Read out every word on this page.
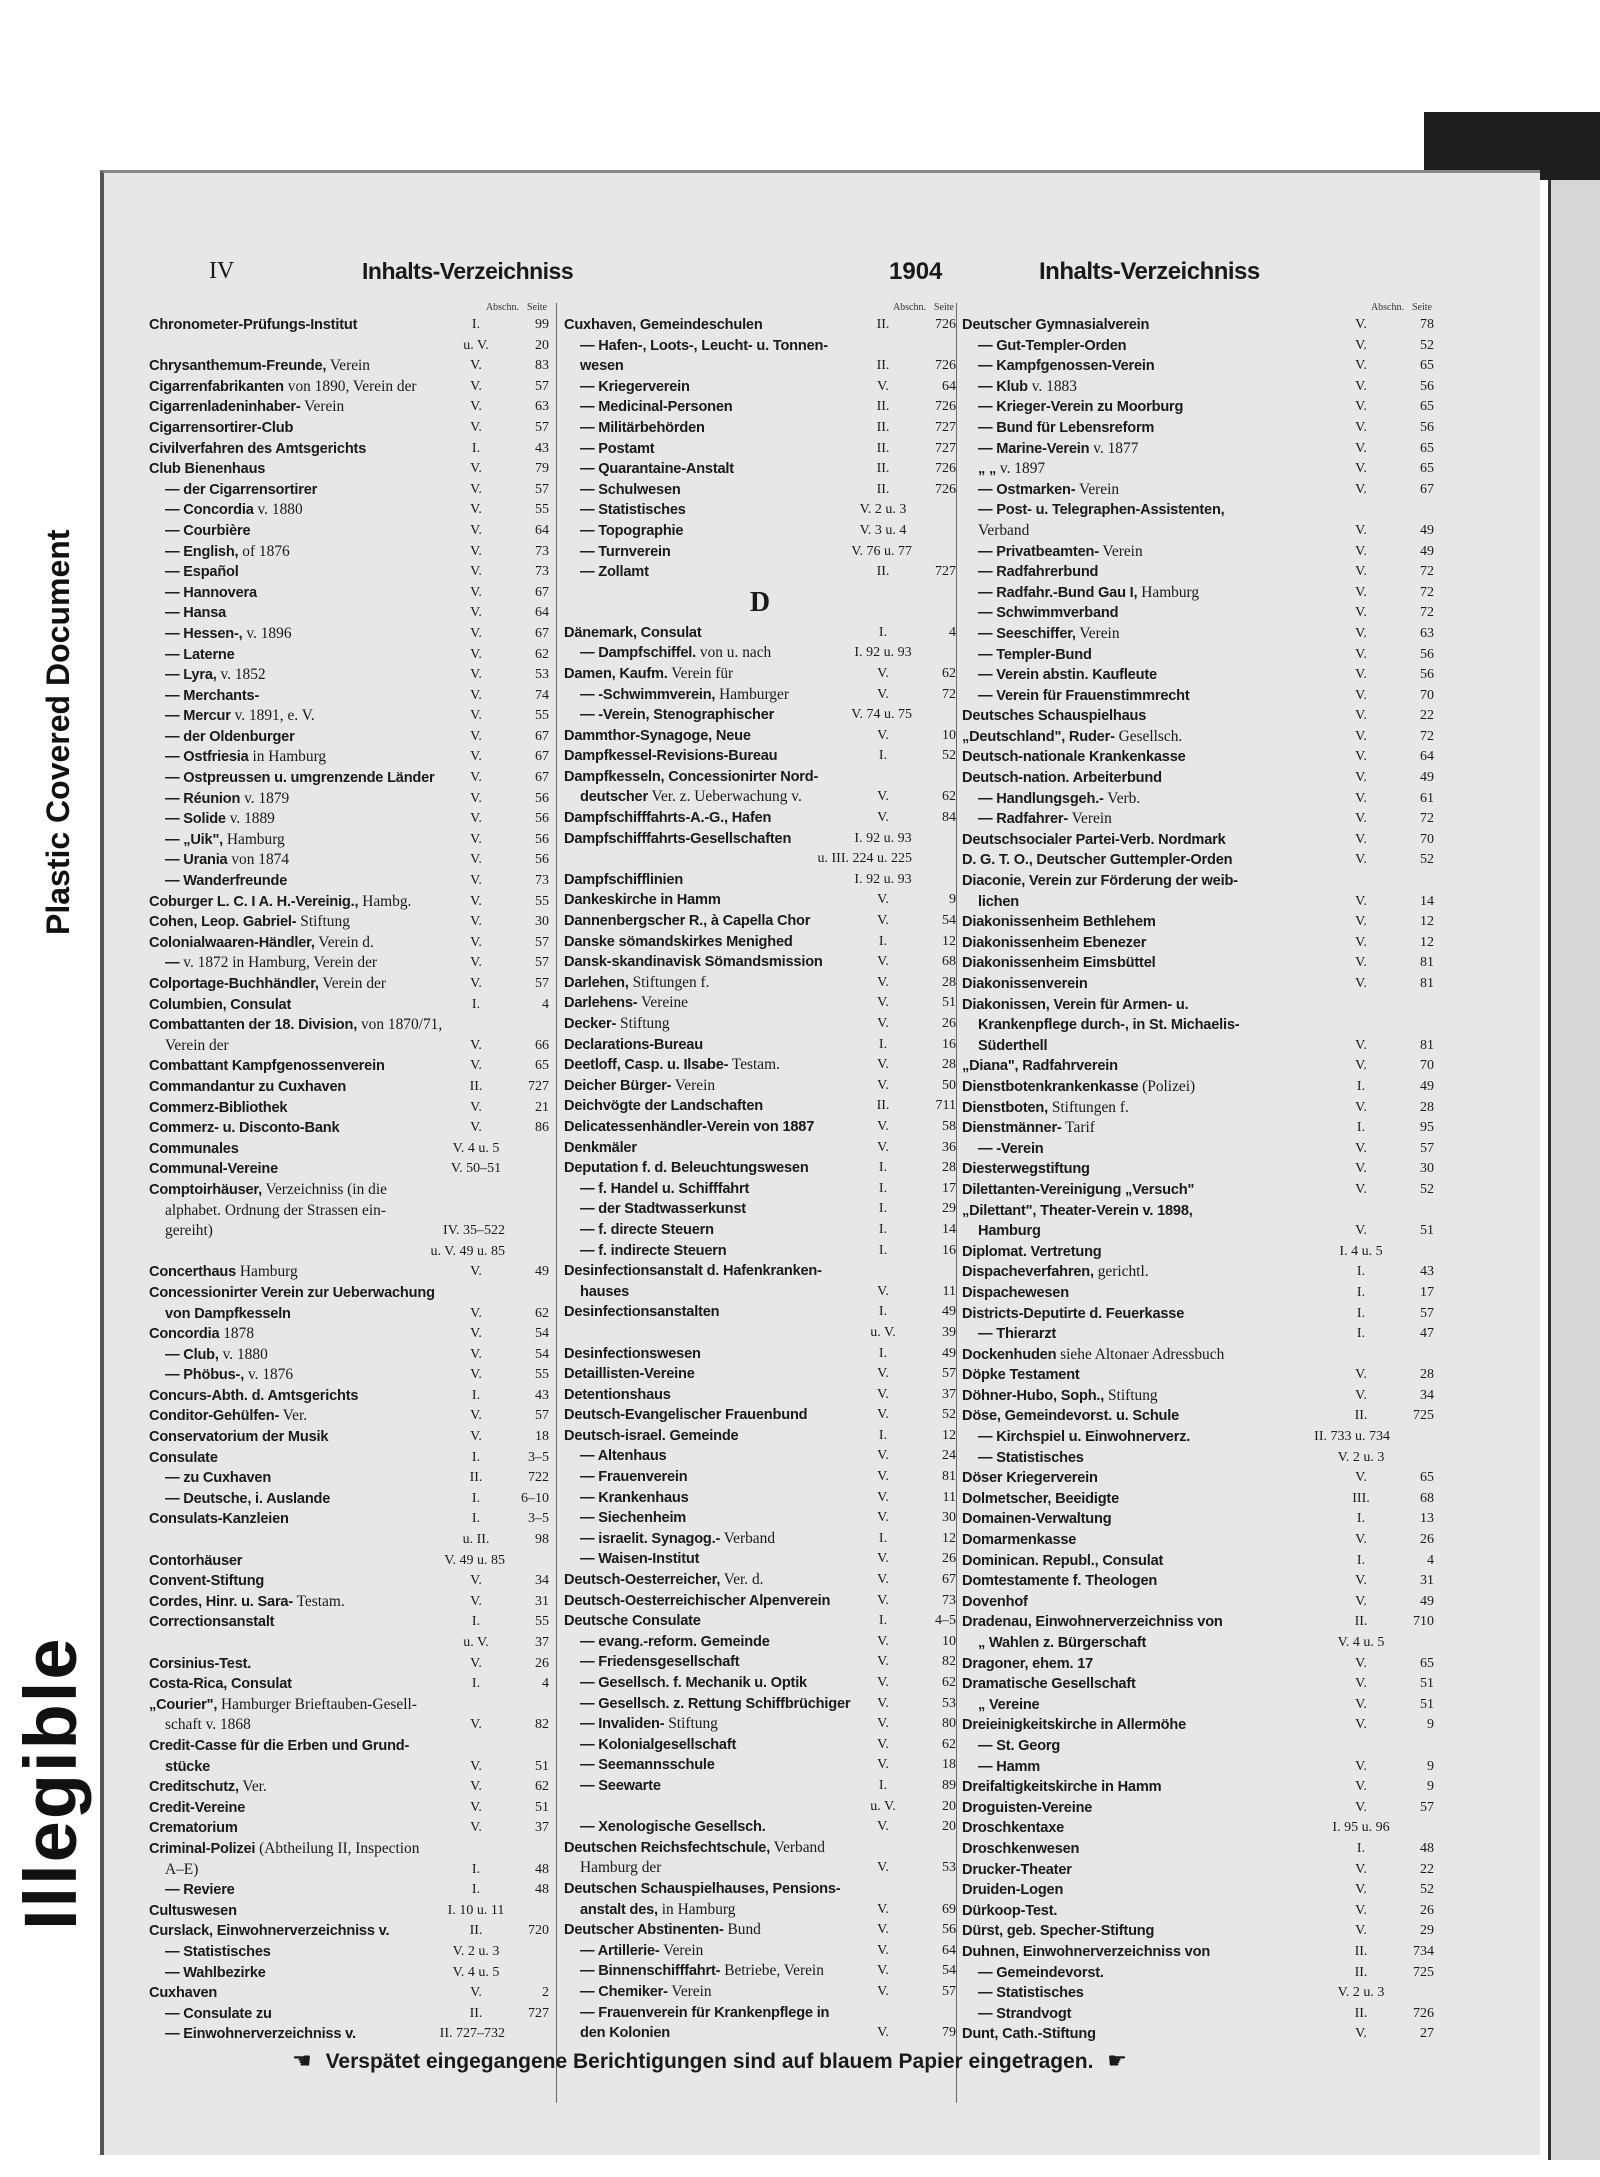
Plastic Covered Document
Illegible
IV	Inhalts-Verzeichniss	1904	Inhalts-Verzeichniss
Abschn. Seite
Chronometer-Prüfungs-Institut	I.	99
u. V.	20
Chrysanthemum-Freunde, Verein	V.	83
Cigarrenfabrikanten von 1890, Verein der	V.	57
Cigarrenladeninhaber- Verein	V.	63
Cigarrensortirer-Club	V.	57
Civilverfahren des Amtsgerichts	I.	43
Club Bienenhaus	V.	79
— der Cigarrensortirer	V.	57
— Concordia v. 1880	V.	55
— Courbière	V.	64
— English, of 1876	V.	73
— Español	V.	73
— Hannovera	V.	67
— Hansa	V.	64
— Hessen-, v. 1896	V.	67
— Laterne	V.	62
— Lyra, v. 1852	V.	53
— Merchants-	V.	74
— Mercur v. 1891, e. V.	V.	55
— der Oldenburger	V.	67
— Ostfriesia in Hamburg	V.	67
— Ostpreussen u. umgrenzende Länder	V.	67
— Réunion v. 1879	V.	56
— Solide v. 1889	V.	56
— „Uik", Hamburg	V.	56
— Urania von 1874	V.	56
— Wanderfreunde	V.	73
Coburger L. C. I A. H.-Vereinig., Hambg.	V.	55
Cohen, Leop. Gabriel- Stiftung	V.	30
Colonialwaaren-Händler, Verein d.	V.	57
— v. 1872 in Hamburg, Verein der	V.	57
Colportage-Buchhändler, Verein der	V.	57
Columbien, Consulat	I.	4
Combattanten der 18. Division, von 1870/71,
Verein der	V.	66
Combattant Kampfgenossenverein	V.	65
Commandantur zu Cuxhaven	II.	727
Commerz-Bibliothek	V.	21
Commerz- u. Disconto-Bank	V.	86
Communales	V. 4 u. 5
Communal-Vereine	V. 50–51
Comptoirhäuser, Verzeichniss (in die
alphabet. Ordnung der Strassen ein-
gereiht)	IV. 35–522
u. V. 49 u. 85
Concerthaus Hamburg	V.	49
Concessionirter Verein zur Ueberwachung
von Dampfkesseln	V.	62
Concordia 1878	V.	54
— Club, v. 1880	V.	54
— Phöbus-, v. 1876	V.	55
Concurs-Abth. d. Amtsgerichts	I.	43
Conditor-Gehülfen- Ver.	V.	57
Conservatorium der Musik	V.	18
Consulate	I.	3–5
— zu Cuxhaven	II.	722
— Deutsche, i. Auslande	I.	6–10
Consulats-Kanzleien	I.	3–5
u. II.	98
Contorhäuser	V. 49 u. 85
Convent-Stiftung	V.	34
Cordes, Hinr. u. Sara- Testam.	V.	31
Correctionsanstalt	I.	55
u. V.	37
Corsinius-Test.	V.	26
Costa-Rica, Consulat	I.	4
„Courier", Hamburger Brieftauben-Gesell-
schaft v. 1868	V.	82
Credit-Casse für die Erben und Grund-
stücke	V.	51
Creditschutz, Ver.	V.	62
Credit-Vereine	V.	51
Crematorium	V.	37
Criminal-Polizei (Abtheilung II, Inspection
A–E)	I.	48
— Reviere	I.	48
Cultuswesen	I. 10 u. 11
Curslack, Einwohnerverzeichniss v.	II.	720
— Statistisches	V. 2 u. 3
— Wahlbezirke	V. 4 u. 5
Cuxhaven	V.	2
— Consulate zu	II.	727
— Einwohnerverzeichniss v.	II. 727–732
Abschn. Seite
Cuxhaven, Gemeindeschulen	II.	726
— Hafen-, Loots-, Leucht- u. Tonnen-
wesen	II.	726
— Kriegerverein	V.	64
— Medicinal-Personen	II.	726
— Militärbehörden	II.	727
— Postamt	II.	727
— Quarantaine-Anstalt	II.	726
— Schulwesen	II.	726
— Statistisches	V. 2 u. 3
— Topographie	V. 3 u. 4
— Turnverein	V. 76 u. 77
— Zollamt	II.	727
D
Dänemark, Consulat	I.	4
— Dampfschiffel. von u. nach	I. 92 u. 93
Damen, Kaufm. Verein für	V.	62
— -Schwimmverein, Hamburger	V.	72
— -Verein, Stenographischer	V. 74 u. 75
Dammthor-Synagoge, Neue	V.	10
Dampfkessel-Revisions-Bureau	I.	52
Dampfkesseln, Concessionirter Nord-
deutscher Ver. z. Ueberwachung v.	V.	62
Dampfschifffahrts-A.-G., Hafen	V.	84
Dampfschifffahrts-Gesellschaften	I. 92 u. 93
u. III. 224 u. 225
Dampfschifflinien	I. 92 u. 93
Dankeskirche in Hamm	V.	9
Dannenbergscher R., à Capella Chor	V.	54
Danske sömandskirkes Menighed	I.	12
Dansk-skandinavisk Sömandsmission	V.	68
Darlehen, Stiftungen f.	V.	28
Darlehens- Vereine	V.	51
Decker- Stiftung	V.	26
Declarations-Bureau	I.	16
Deetloff, Casp. u. Ilsabe- Testam.	V.	28
Deicher Bürger- Verein	V.	50
Deichvögte der Landschaften	II.	711
Delicatessenhändler-Verein von 1887	V.	58
Denkmäler	V.	36
Deputation f. d. Beleuchtungswesen	I.	28
— f. Handel u. Schifffahrt	I.	17
— der Stadtwasserkunst	I.	29
— f. directe Steuern	I.	14
— f. indirecte Steuern	I.	16
Desinfectionsanstalt d. Hafenkranken-
hauses	V.	11
Desinfectionsanstalten	I.	49
u. V.	39
Desinfectionswesen	I.	49
Detaillisten-Vereine	V.	57
Detentionshaus	V.	37
Deutsch-Evangelischer Frauenbund	V.	52
Deutsch-israel. Gemeinde	I.	12
— Altenhaus	V.	24
— Frauenverein	V.	81
— Krankenhaus	V.	11
— Siechenheim	V.	30
— israelit. Synagog.- Verband	I.	12
— Waisen-Institut	V.	26
Deutsch-Oesterreicher, Ver. d.	V.	67
Deutsch-Oesterreichischer Alpenverein	V.	73
Deutsche Consulate	I.	4–5
— evang.-reform. Gemeinde	V.	10
— Friedensgesellschaft	V.	82
— Gesellsch. f. Mechanik u. Optik	V.	62
— Gesellsch. z. Rettung Schiffbrüchiger	V.	53
— Invaliden- Stiftung	V.	80
— Kolonialgesellschaft	V.	62
— Seemannsschule	V.	18
— Seewarte	I.	89
u. V.	20
— Xenologische Gesellsch.	V.	20
Deutschen Reichsfechtschule, Verband
Hamburg der	V.	53
Deutschen Schauspielhauses, Pensions-
anstalt des, in Hamburg	V.	69
Deutscher Abstinenten- Bund	V.	56
— Artillerie- Verein	V.	64
— Binnenschifffahrt- Betriebe, Verein	V.	54
— Chemiker- Verein	V.	57
— Frauenverein für Krankenpflege in
den Kolonien	V.	79
Abschn. Seite
Deutscher Gymnasialverein	V.	78
— Gut-Templer-Orden	V.	52
— Kampfgenossen-Verein	V.	65
— Klub v. 1883	V.	56
— Krieger-Verein zu Moorburg	V.	65
— Bund für Lebensreform	V.	56
— Marine-Verein v. 1877	V.	65
„ „ v. 1897	V.	65
— Ostmarken- Verein	V.	67
— Post- u. Telegraphen-Assistenten,
Verband	V.	49
— Privatbeamten- Verein	V.	49
— Radfahrerbund	V.	72
— Radfahr.-Bund Gau I, Hamburg	V.	72
— Schwimmverband	V.	72
— Seeschiffer, Verein	V.	63
— Templer-Bund	V.	56
— Verein abstin. Kaufleute	V.	56
— Verein für Frauenstimmrecht	V.	70
Deutsches Schauspielhaus	V.	22
„Deutschland", Ruder- Gesellsch.	V.	72
Deutsch-nationale Krankenkasse	V.	64
Deutsch-nation. Arbeiterbund	V.	49
— Handlungsgeh.- Verb.	V.	61
— Radfahrer- Verein	V.	72
Deutschsocialer Partei-Verb. Nordmark	V.	70
D. G. T. O., Deutscher Guttempler-Orden	V.	52
Diaconie, Verein zur Förderung der weib-
lichen	V.	14
Diakonissenheim Bethlehem	V.	12
Diakonissenheim Ebenezer	V.	12
Diakonissenheim Eimsbüttel	V.	81
Diakonissenverein	V.	81
Diakonissen, Verein für Armen- u.
Krankenpflege durch-, in St. Michaelis-
Süderthell	V.	81
„Diana", Radfahrverein	V.	70
Dienstbotenkrankenkasse (Polizei)	I.	49
Dienstboten, Stiftungen f.	V.	28
Dienstmänner- Tarif	I.	95
— -Verein	V.	57
Diesterwegstiftung	V.	30
Dilettanten-Vereinigung „Versuch"	V.	52
„Dilettant", Theater-Verein v. 1898,
Hamburg	V.	51
Diplomat. Vertretung	I. 4 u. 5
Dispacheverfahren, gerichtl.	I.	43
Dispachewesen	I.	17
Districts-Deputirte d. Feuerkasse	I.	57
— Thierarzt	I.	47
Dockenhuden siehe Altonaer Adressbuch
Döpke Testament	V.	28
Döhner-Hubo, Soph., Stiftung	V.	34
Döse, Gemeindevorst. u. Schule	II.	725
— Kirchspiel u. Einwohnerverz.	II. 733 u. 734
— Statistisches	V. 2 u. 3
Döser Kriegerverein	V.	65
Dolmetscher, Beeidigte	III.	68
Domainen-Verwaltung	I.	13
Domarmenkasse	V.	26
Dominican. Republ., Consulat	I.	4
Domtestamente f. Theologen	V.	31
Dovenhof	V.	49
Dradenau, Einwohnerverzeichniss von	II.	710
„ Wahlen z. Bürgerschaft	V. 4 u. 5
Dragoner, ehem. 17	V.	65
Dramatische Gesellschaft	V.	51
„ Vereine	V.	51
Dreieinigkeitskirche in Allermöhe	V.	9
— St. Georg
— Hamm	V.	9
Dreifaltigkeitskirche in Hamm	V.	9
Droguisten-Vereine	V.	57
Droschkentaxe	I. 95 u. 96
Droschkenwesen	I.	48
Drucker-Theater	V.	22
Druiden-Logen	V.	52
Dürkoop-Test.	V.	26
Dürst, geb. Specher-Stiftung	V.	29
Duhnen, Einwohnerverzeichniss von	II.	734
— Gemeindevorst.	II.	725
— Statistisches	V. 2 u. 3
— Strandvogt	II.	726
Dunt, Cath.-Stiftung	V.	27
☚ Verspätet eingegangene Berichtigungen sind auf blauem Papier eingetragen. ☛
